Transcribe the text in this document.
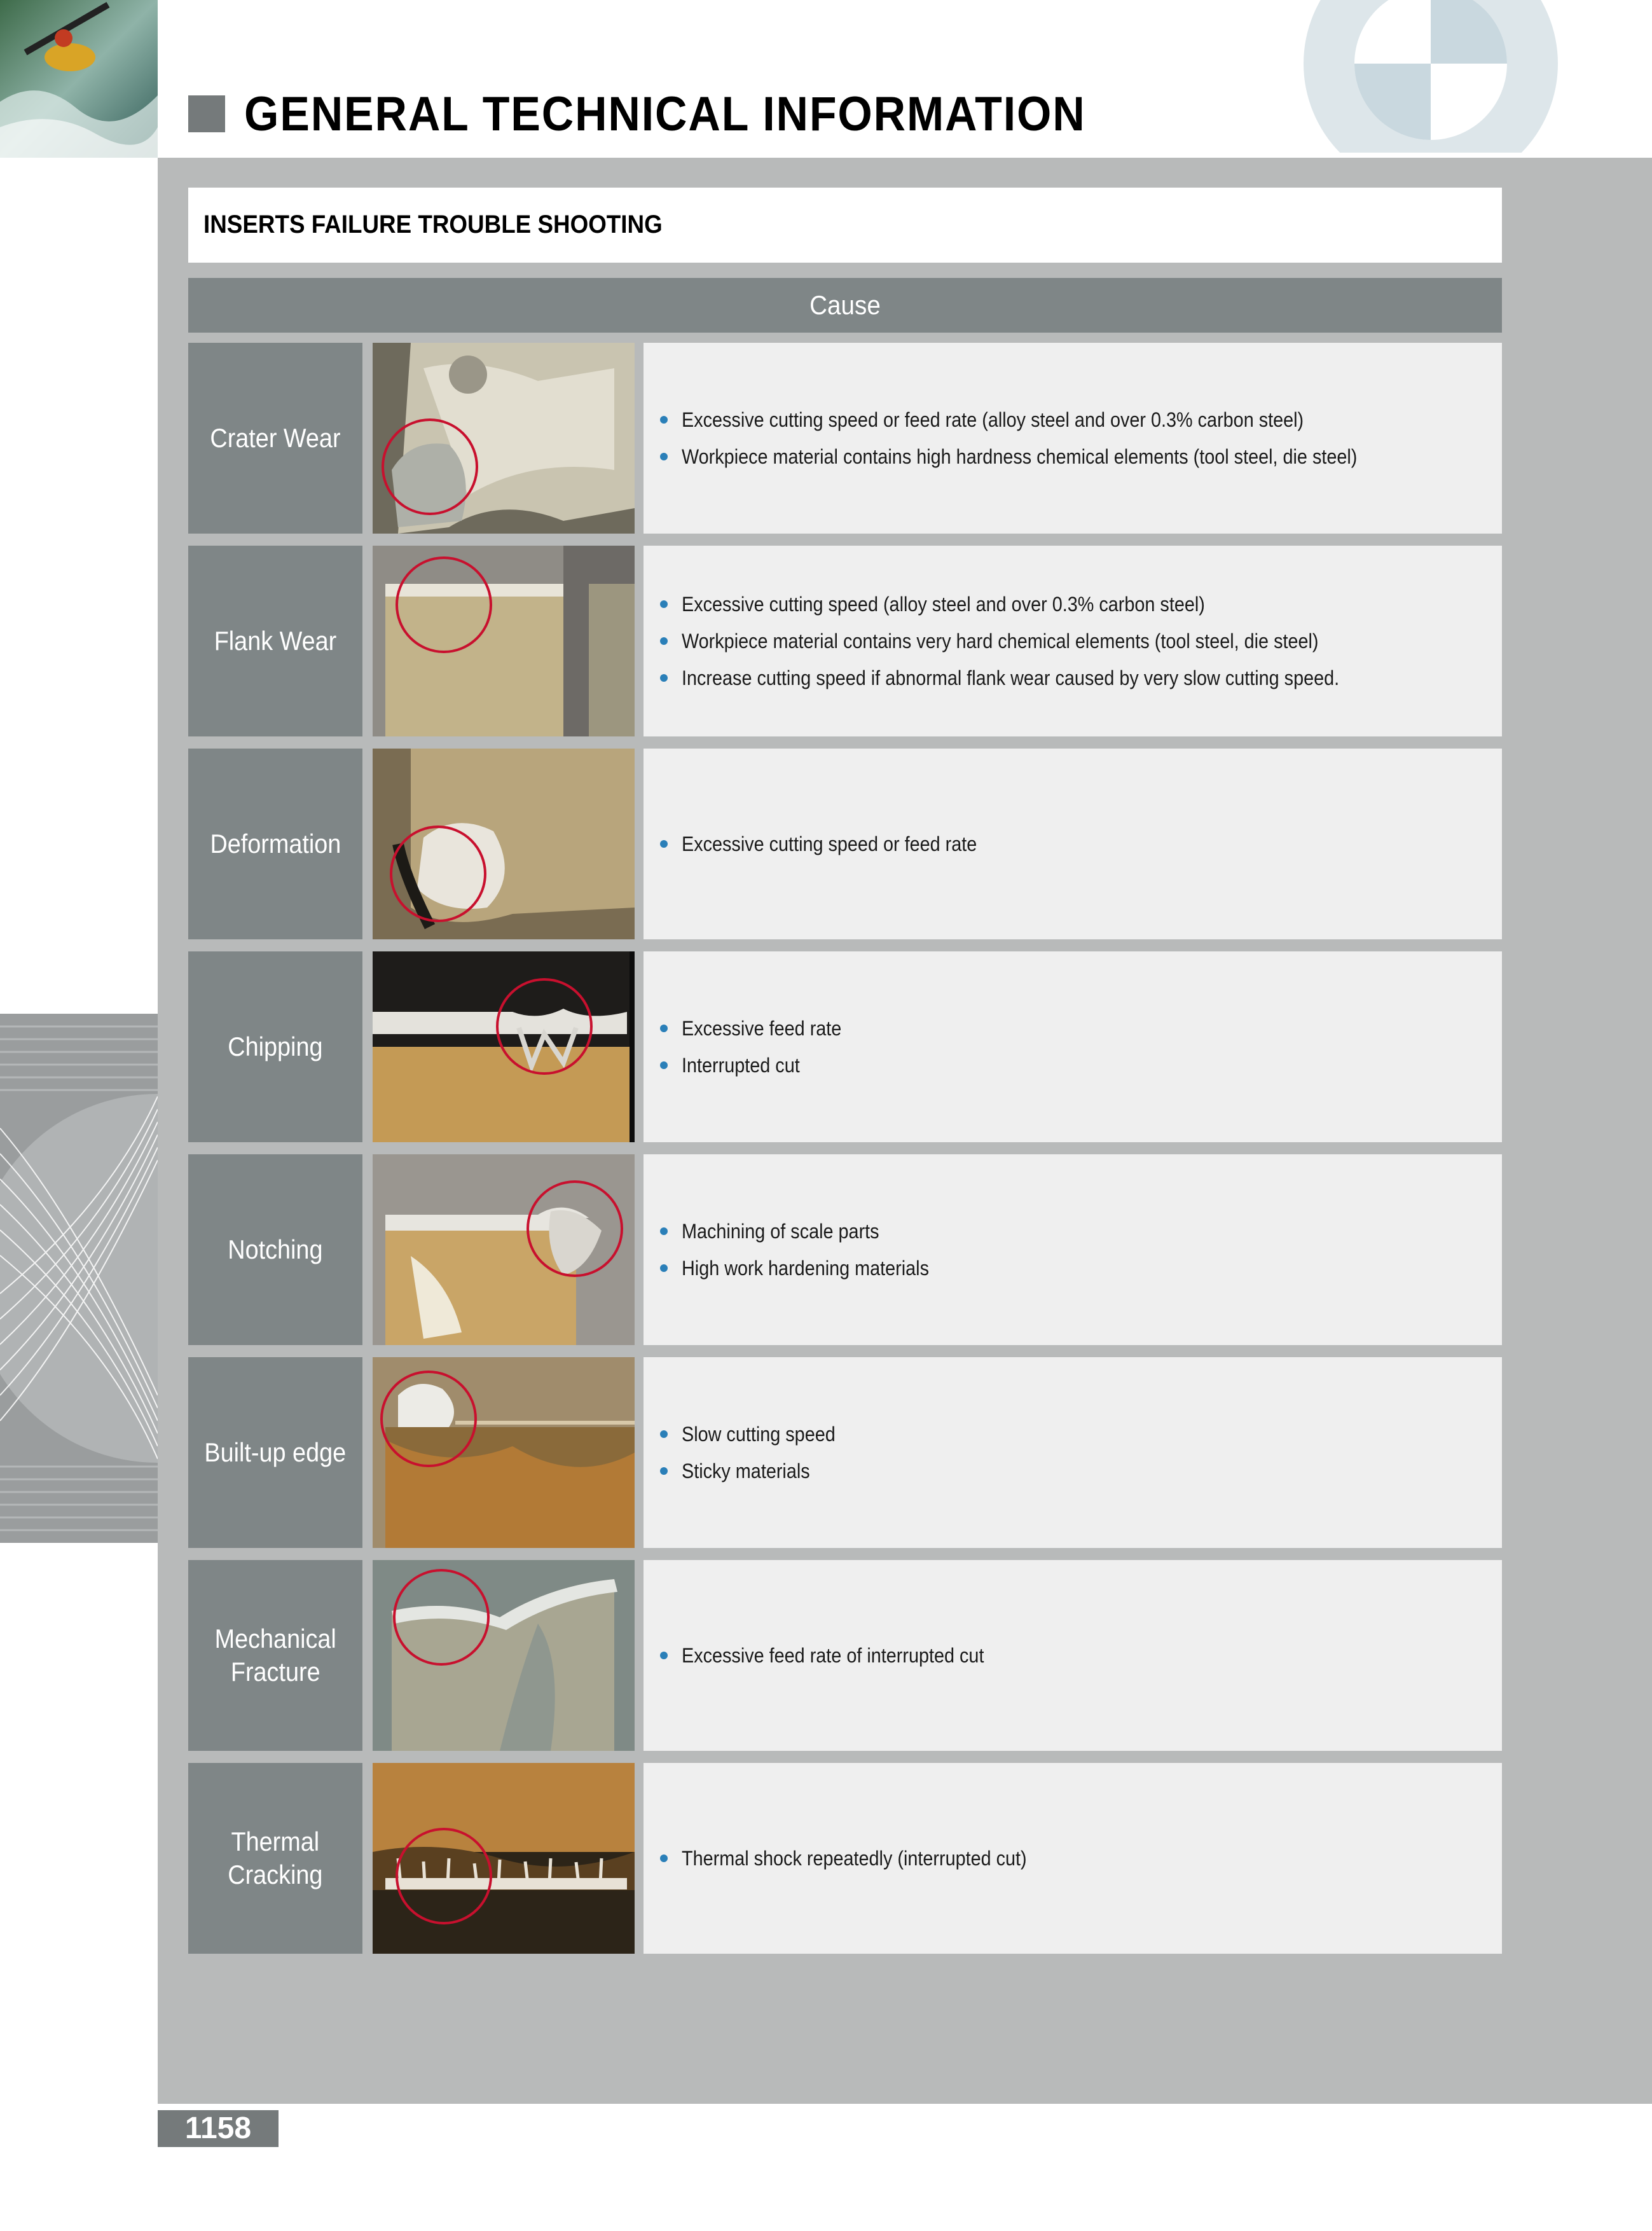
GENERAL TECHNICAL INFORMATION
INSERTS FAILURE TROUBLE SHOOTING
Cause
Crater Wear
Excessive cutting speed or feed rate (alloy steel and over 0.3% carbon steel)
Workpiece material contains high hardness chemical elements (tool steel, die steel)
Flank Wear
Excessive cutting speed (alloy steel and over 0.3% carbon steel)
Workpiece material contains very hard chemical elements (tool steel, die steel)
Increase cutting speed if abnormal flank wear caused by very slow cutting speed.
Deformation	Excessive cutting speed or feed rate
Chipping
Excessive feed rate
Interrupted cut
Notching
Machining of scale parts
High work hardening materials
Built-up edge
Slow cutting speed
Sticky materials
Mechanical
Fracture
Excessive feed rate of interrupted cut
Thermal
Cracking
Thermal shock repeatedly (interrupted cut)
1158
